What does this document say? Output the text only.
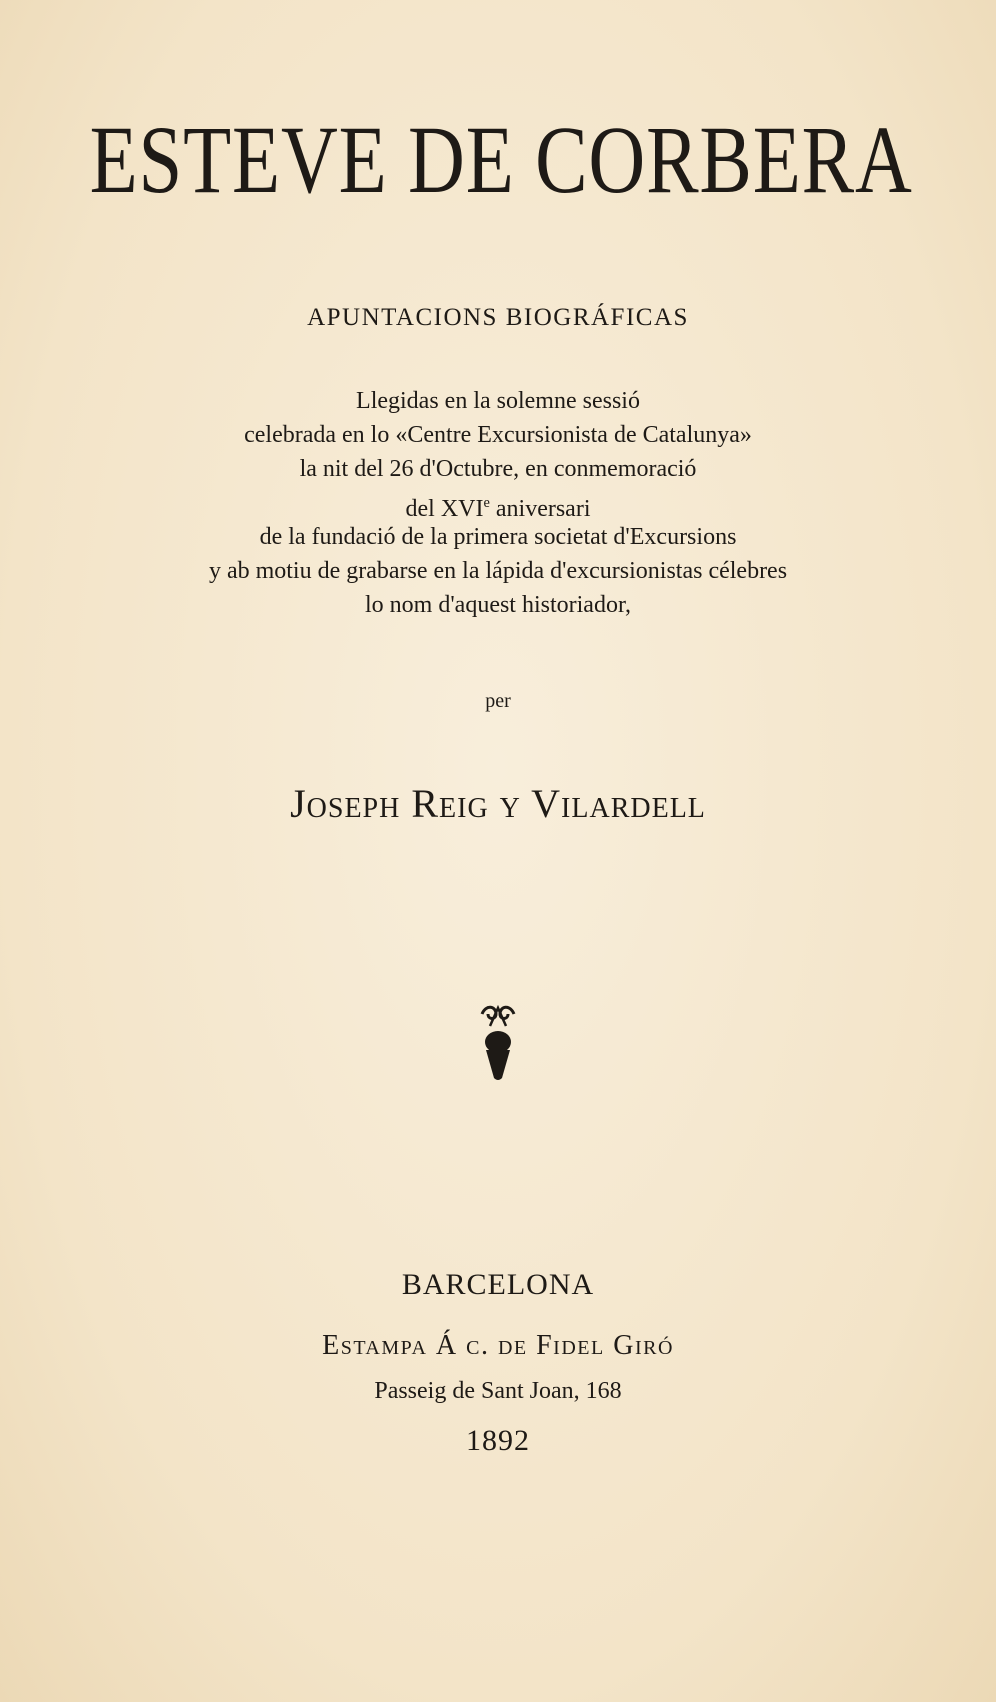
ESTEVE DE CORBERA
APUNTACIONS BIOGRÁFICAS
Llegidas en la solemne sessió
celebrada en lo «Centre Excursionista de Catalunya»
la nit del 26 d'Octubre, en conmemoració
del XVIe aniversari
de la fundació de la primera societat d'Excursions
y ab motiu de grabarse en la lápida d'excursionistas célebres
lo nom d'aquest historiador,
per
Joseph Reig y Vilardell
BARCELONA
Estampa Á c. de Fidel Giró
Passeig de Sant Joan, 168
1892
